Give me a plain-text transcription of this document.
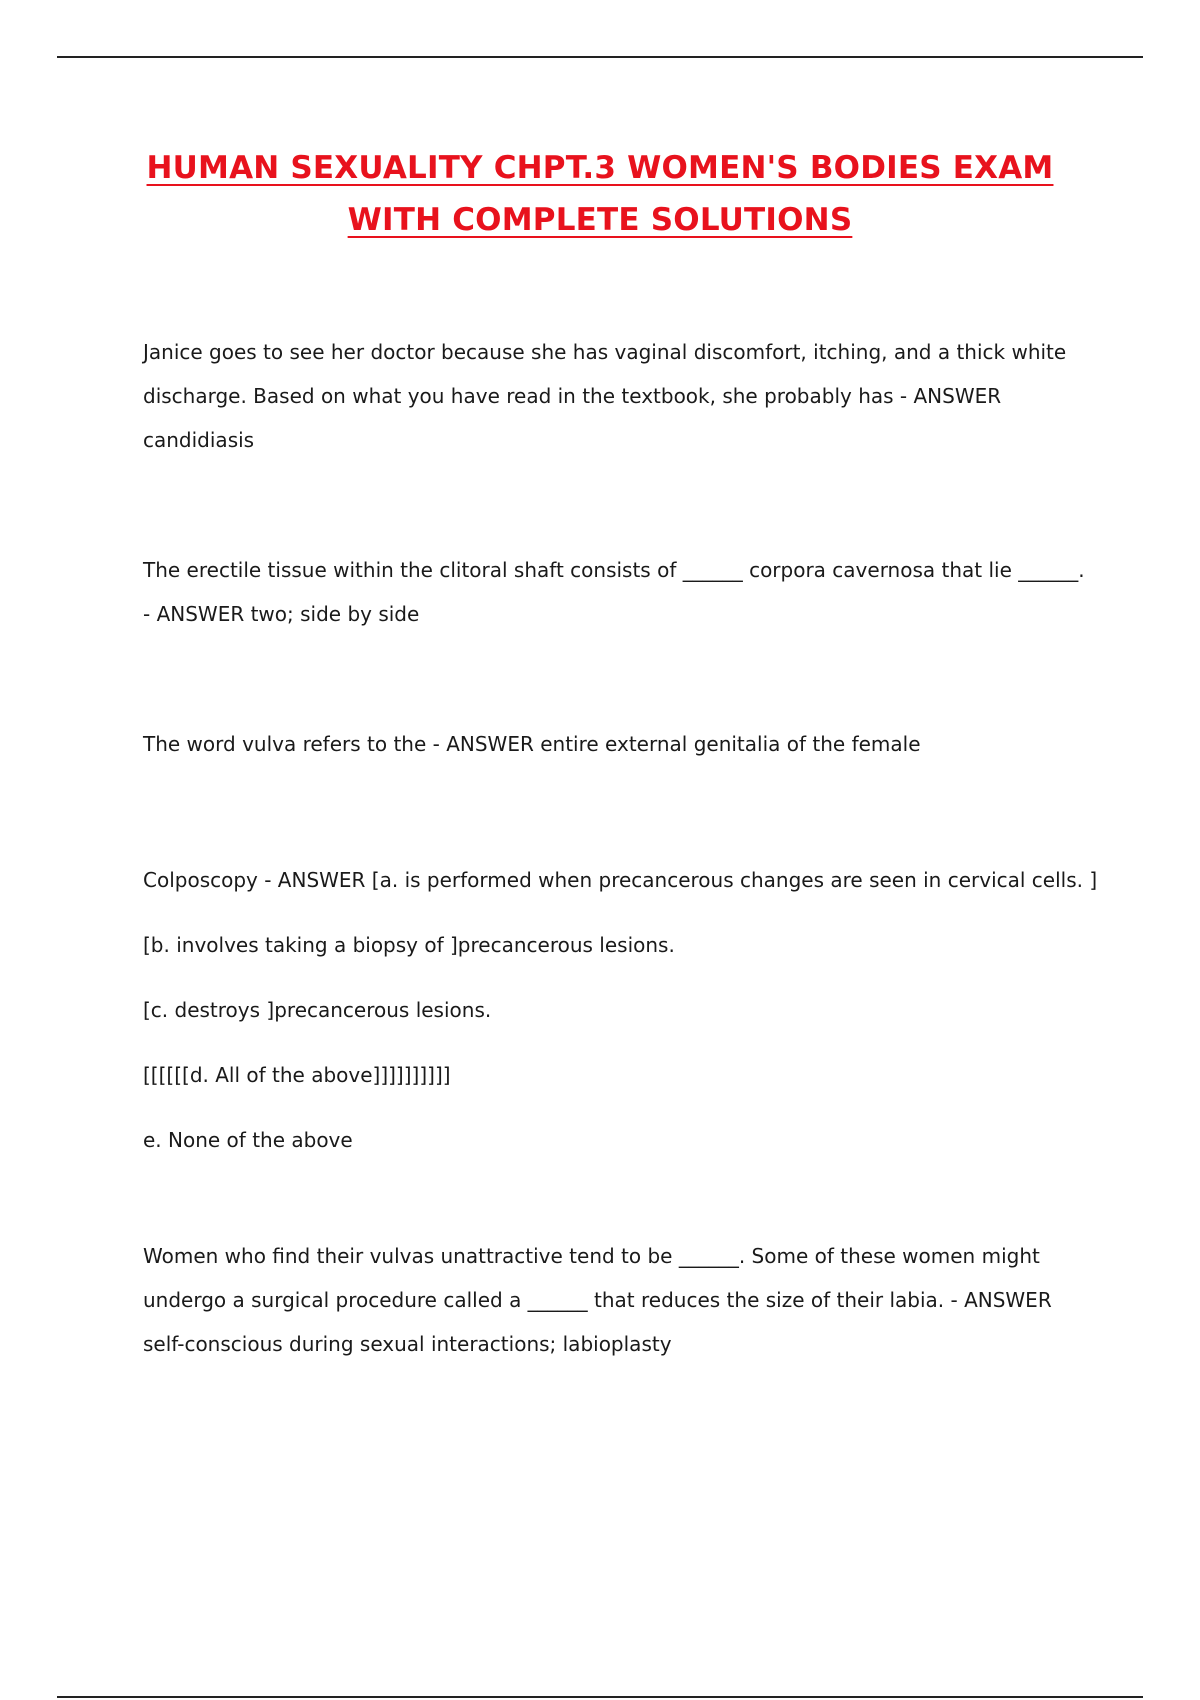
HUMAN SEXUALITY CHPT.3 WOMEN'S BODIES EXAM
WITH COMPLETE SOLUTIONS

Janice goes to see her doctor because she has vaginal discomfort, itching, and a thick white
discharge. Based on what you have read in the textbook, she probably has - ANSWER
candidiasis

The erectile tissue within the clitoral shaft consists of ______ corpora cavernosa that lie ______.
- ANSWER two; side by side

The word vulva refers to the - ANSWER entire external genitalia of the female

Colposcopy - ANSWER [a. is performed when precancerous changes are seen in cervical cells. ]
[b. involves taking a biopsy of ]precancerous lesions.
[c. destroys ]precancerous lesions.
[[[[[[d. All of the above]]]]]]]]]]
e. None of the above

Women who find their vulvas unattractive tend to be ______. Some of these women might
undergo a surgical procedure called a ______ that reduces the size of their labia. - ANSWER
self-conscious during sexual interactions; labioplasty
